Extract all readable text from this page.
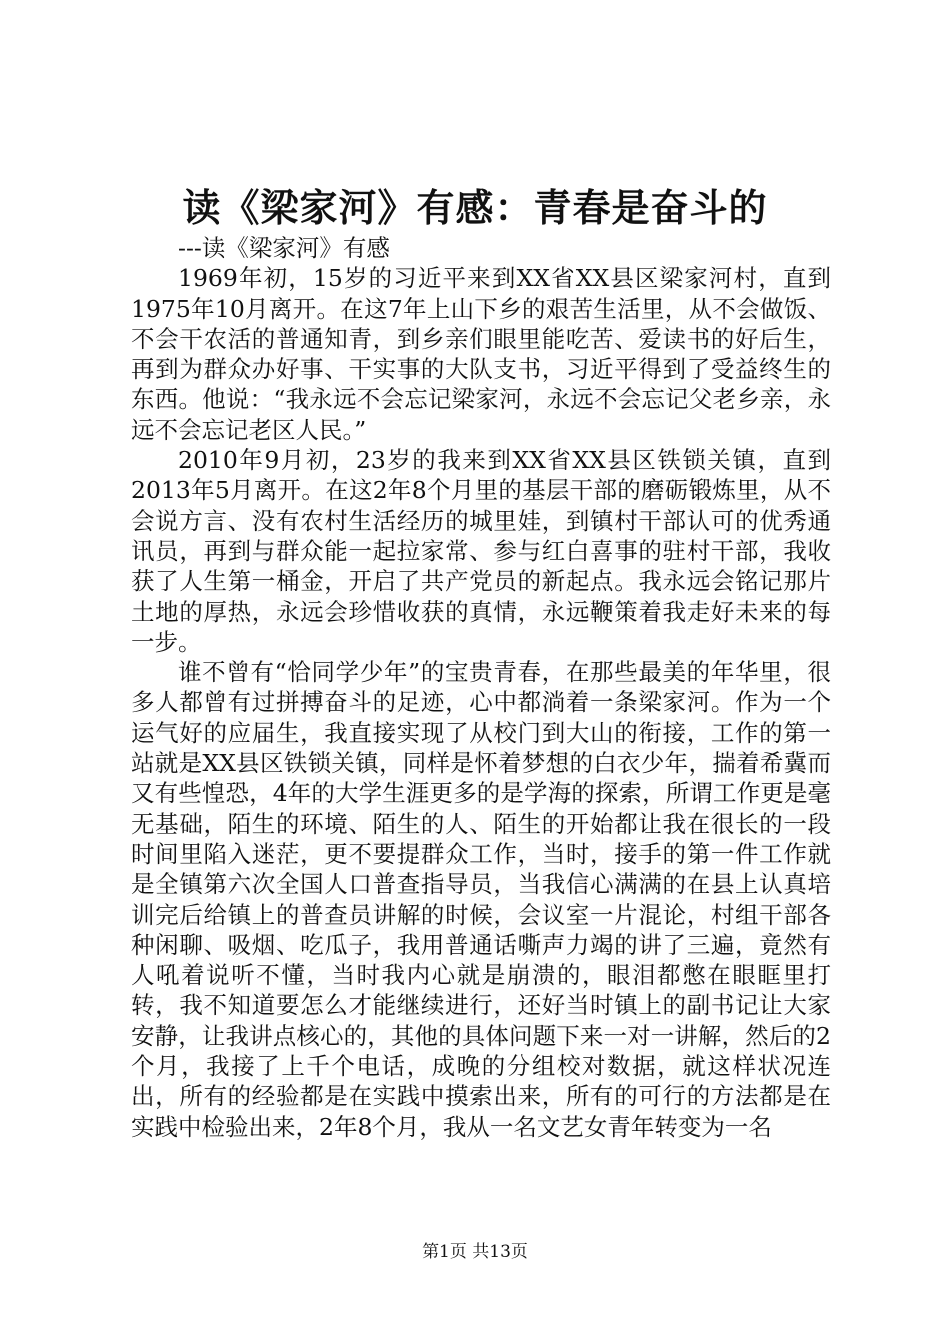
读《梁家河》有感：青春是奋斗的

---读《梁家河》有感

1969年初，15岁的习近平来到XX省XX县区梁家河村，直到1975年10月离开。在这7年上山下乡的艰苦生活里，从不会做饭、不会干农活的普通知青，到乡亲们眼里能吃苦、爱读书的好后生，再到为群众办好事、干实事的大队支书，习近平得到了受益终生的东西。他说：“我永远不会忘记梁家河，永远不会忘记父老乡亲，永远不会忘记老区人民。”

2010年9月初，23岁的我来到XX省XX县区铁锁关镇，直到2013年5月离开。在这2年8个月里的基层干部的磨砺锻炼里，从不会说方言、没有农村生活经历的城里娃，到镇村干部认可的优秀通讯员，再到与群众能一起拉家常、参与红白喜事的驻村干部，我收获了人生第一桶金，开启了共产党员的新起点。我永远会铭记那片土地的厚热，永远会珍惜收获的真情，永远鞭策着我走好未来的每一步。

谁不曾有“恰同学少年”的宝贵青春，在那些最美的年华里，很多人都曾有过拼搏奋斗的足迹，心中都淌着一条梁家河。作为一个运气好的应届生，我直接实现了从校门到大山的衔接，工作的第一站就是XX县区铁锁关镇，同样是怀着梦想的白衣少年，揣着希冀而又有些惶恐，4年的大学生涯更多的是学海的探索，所谓工作更是毫无基础，陌生的环境、陌生的人、陌生的开始都让我在很长的一段时间里陷入迷茫，更不要提群众工作，当时，接手的第一件工作就是全镇第六次全国人口普查指导员，当我信心满满的在县上认真培训完后给镇上的普查员讲解的时候，会议室一片混论，村组干部各种闲聊、吸烟、吃瓜子，我用普通话嘶声力竭的讲了三遍，竟然有人吼着说听不懂，当时我内心就是崩溃的，眼泪都憋在眼眶里打转，我不知道要怎么才能继续进行，还好当时镇上的副书记让大家安静，让我讲点核心的，其他的具体问题下来一对一讲解，然后的2个月，我接了上千个电话，成晚的分组校对数据，就这样状况连出，所有的经验都是在实践中摸索出来，所有的可行的方法都是在实践中检验出来，2年8个月，我从一名文艺女青年转变为一名

第1页 共13页
